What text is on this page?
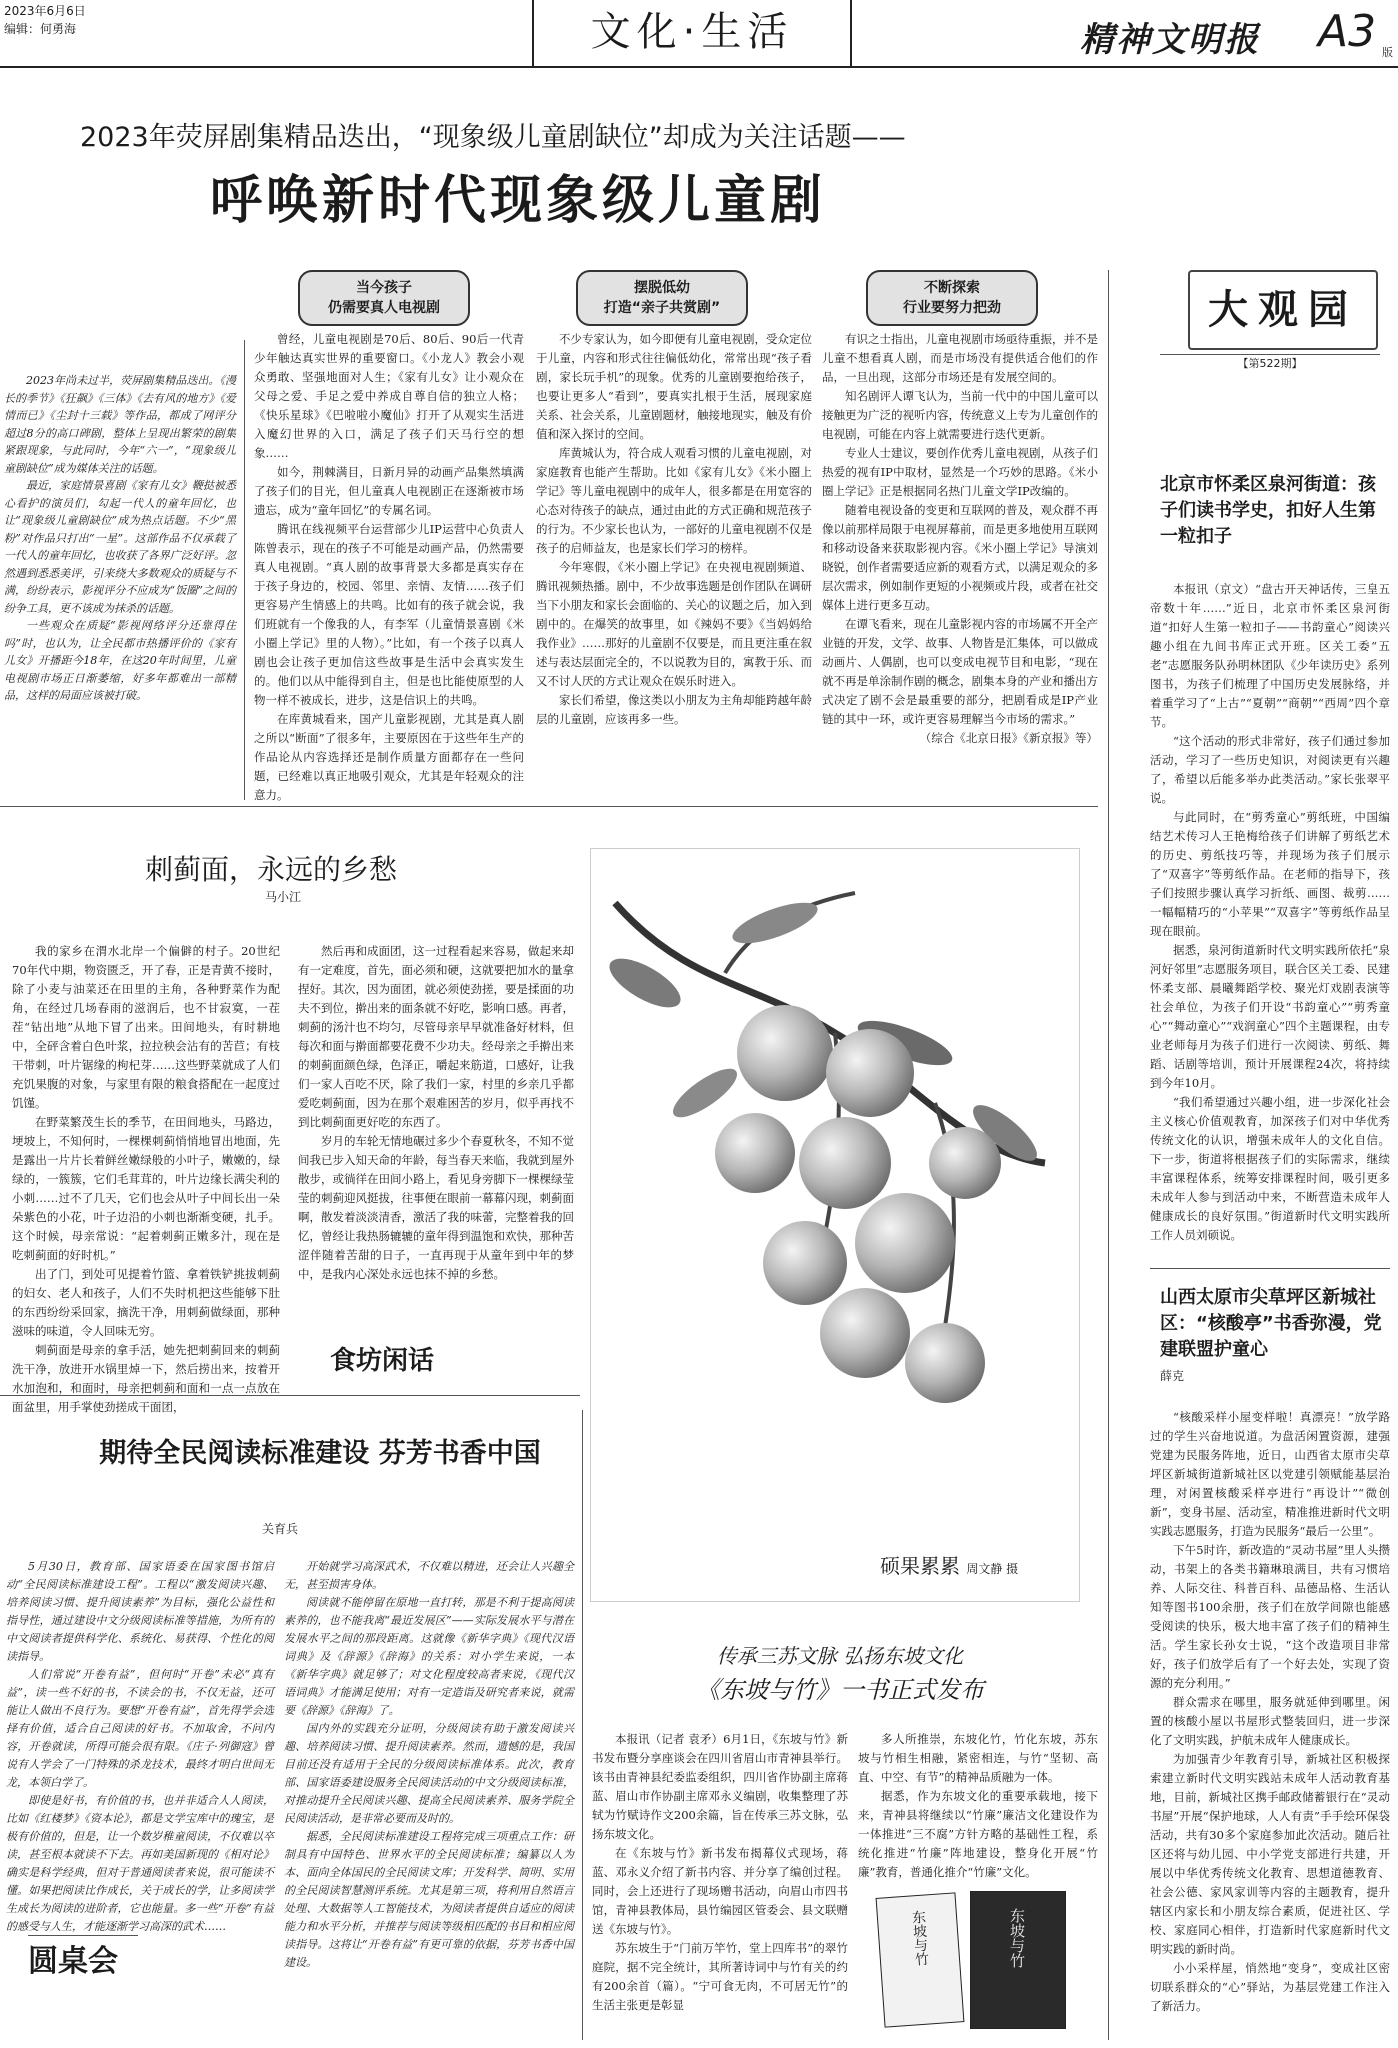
2023年6月6日
编辑：何勇海	文化·生活	精神文明报 A3 版
2023年荧屏剧集精品迭出，“现象级儿童剧缺位”却成为关注话题——
呼唤新时代现象级儿童剧
当今孩子
仍需要真人电视剧
摆脱低幼
打造“亲子共赏剧”
不断探索
行业要努力把劲

2023年尚未过半，荧屏剧集精品迭出。《漫长的季节》《狂飙》《三体》《去有风的地方》《爱情而已》《尘封十三载》等作品，都成了网评分超过8分的高口碑剧，整体上呈现出繁荣的剧集紧跟现象，与此同时，今年“六一”，“现象级儿童剧缺位”成为媒体关注的话题。

最近，家庭情景喜剧《家有儿女》鞭挞被悉心看护的演员们，勾起一代人的童年回忆，也让“现象级儿童剧缺位”成为热点话题。不少“黑粉”对作品只打出“一星”。这部作品不仅承载了一代人的童年回忆，也收获了各界广泛好评。忽然遇到悉悉美评，引来绕大多数观众的质疑与不满，纷纷表示，影视评分不应成为“饭圈”之间的纷争工具，更不该成为抹杀的话题。

一些观众在质疑“影视网络评分还靠得住吗”时，也认为，让全民都市热播评价的《家有儿女》开播距今18年，在这20年时间里，儿童电视剧市场正日渐萎缩，好多年都难出一部精品，这样的局面应该被打破。

曾经，儿童电视剧是70后、80后、90后一代青少年触达真实世界的重要窗口。《小龙人》教会小观众勇敢、坚强地面对人生；《家有儿女》让小观众在父母之爱、手足之爱中养成自尊自信的独立人格；《快乐星球》《巴啦啦小魔仙》打开了从观实生活进入魔幻世界的入口，满足了孩子们天马行空的想象……

如今，荆棘满目，日新月异的动画产品集然填满了孩子们的目光，但儿童真人电视剧正在逐渐被市场遗忘，成为“童年回忆”的专属名词。

腾讯在线视频平台运营部少儿IP运营中心负责人陈曾表示，现在的孩子不可能是动画产品，仍然需要真人电视剧。“真人剧的故事背景大多都是真实存在于孩子身边的，校园、邻里、亲情、友情……孩子们更容易产生情感上的共鸣。比如有的孩子就会说，我们班就有一个像我的人，有李军（儿童情景喜剧《米小圈上学记》里的人物）。”比如，有一个孩子以真人剧也会让孩子更加信这些故事是生活中会真实发生的。他们以从中能得到自主，但是也比能使原型的人物一样不被成长，进步，这是信识上的共鸣。

在库黄城看来，国产儿童影视剧，尤其是真人剧之所以“断面”了很多年，主要原因在于这些年生产的作品论从内容选择还是制作质量方面都存在一些问题，已经难以真正地吸引观众，尤其是年轻观众的注意力。

不少专家认为，如今即便有儿童电视剧，受众定位于儿童，内容和形式往往偏低幼化，常常出现“孩子看剧，家长玩手机”的现象。优秀的儿童剧要抱给孩子，也要让更多人“看到”，要真实扎根于生活，展现家庭关系、社会关系，儿童剧题材，触接地现实，触及有价值和深入探讨的空间。

库黄城认为，符合成人观看习惯的儿童电视剧，对家庭教育也能产生帮助。比如《家有儿女》《米小圈上学记》等儿童电视剧中的成年人，很多都是在用宽容的心态对待孩子的缺点，通过由此的方式正确和规范孩子的行为。不少家长也认为，一部好的儿童电视剧不仅是孩子的启师益友，也是家长们学习的榜样。

今年寒假，《米小圈上学记》在央视电视剧频道、腾讯视频热播。剧中，不少故事选题是创作团队在调研当下小朋友和家长会面临的、关心的议题之后，加入到剧中的。在爆笑的故事里，如《辣妈不要》《当妈妈给我作业》……那好的儿童剧不仅要是，而且更注重在叙述与表达层面完全的，不以说教为目的，寓教于乐、而又不讨人厌的方式让观众在娱乐时进入。

家长们希望，像这类以小朋友为主角却能跨越年龄层的儿童剧，应该再多一些。

有识之士指出，儿童电视剧市场亟待重振，并不是儿童不想看真人剧，而是市场没有提供适合他们的作品，一旦出现，这部分市场还是有发展空间的。

知名剧评人谭飞认为，当前一代中的中国儿童可以接触更为广泛的视听内容，传统意义上专为儿童创作的电视剧，可能在内容上就需要进行迭代更新。

专业人士建议，要创作优秀儿童电视剧，从孩子们热爱的视有IP中取材，显然是一个巧妙的思路。《米小圈上学记》正是根据同名热门儿童文学IP改编的。

随着电视设备的变更和互联网的普及，观众群不再像以前那样局限于电视屏幕前，而是更多地使用互联网和移动设备来获取影视内容。《米小圈上学记》导演刘晓锐，创作者需要适应新的观看方式，以满足观众的多层次需求，例如制作更短的小视频或片段，或者在社交媒体上进行更多互动。

在谭飞看来，现在儿童影视内容的市场属不开全产业链的开发，文学、故事、人物皆是汇集体，可以做成动画片、人偶剧，也可以变成电视节目和电影，“现在就不再是单涂制作剧的概念，剧集本身的产业和播出方式决定了剧不会是最重要的部分，把剧看成是IP产业链的其中一环，或许更容易理解当今市场的需求。”

（综合《北京日报》《新京报》等）

大观园
【第522期】
北京市怀柔区泉河街道：孩子们读书学史，扣好人生第一粒扣子

本报讯（京文）“盘古开天神话传，三皇五帝数十年……”近日，北京市怀柔区泉河街道“扣好人生第一粒扣子——书韵童心”阅读兴趣小组在九间书库正式开班。区关工委“五老”志愿服务队孙明林团队《少年读历史》系列图书，为孩子们梳理了中国历史发展脉络，并着重学习了“上古”“夏朝”“商朝”“西周”四个章节。

“这个活动的形式非常好，孩子们通过参加活动，学习了一些历史知识，对阅读更有兴趣了，希望以后能多举办此类活动。”家长张翠平说。

与此同时，在“剪秀童心”剪纸班，中国编结艺术传习人王艳梅给孩子们讲解了剪纸艺术的历史、剪纸技巧等，并现场为孩子们展示了“双喜字”等剪纸作品。在老师的指导下，孩子们按照步骤认真学习折纸、画图、裁剪……一幅幅精巧的“小苹果”“双喜字”等剪纸作品呈现在眼前。

据悉，泉河街道新时代文明实践所依托“泉河好邻里”志愿服务项目，联合区关工委、民建怀柔支部、晨曦舞蹈学校、聚光灯戏剧表演等社会单位，为孩子们开设“书韵童心”“剪秀童心”“舞动童心”“戏润童心”四个主题课程，由专业老师每月为孩子们进行一次阅读、剪纸、舞蹈、话剧等培训，预计开展课程24次，将持续到今年10月。

“我们希望通过兴趣小组，进一步深化社会主义核心价值观教育，加深孩子们对中华优秀传统文化的认识，增强未成年人的文化自信。下一步，街道将根据孩子们的实际需求，继续丰富课程体系，统筹安排课程时间，吸引更多未成年人参与到活动中来，不断营造未成年人健康成长的良好氛围。”街道新时代文明实践所工作人员刘硕说。

山西太原市尖草坪区新城社区：“核酸亭”书香弥漫，党建联盟护童心
薛克

“核酸采样小屋变样啦！真漂亮！”放学路过的学生兴奋地说道。为盘活闲置资源，建强党建为民服务阵地，近日，山西省太原市尖草坪区新城街道新城社区以党建引领赋能基层治理，对闲置核酸采样亭进行“再设计”“微创新”，变身书屋、活动室，精准推进新时代文明实践志愿服务，打造为民服务“最后一公里”。

下午5时许，新改造的“灵动书屋”里人头攒动，书架上的各类书籍琳琅满目，共有习惯培养、人际交往、科普百科、品德品格、生活认知等图书100余册，孩子们在放学间隙也能感受阅读的快乐，极大地丰富了孩子们的精神生活。学生家长孙女士说，“这个改造项目非常好，孩子们放学后有了一个好去处，实现了资源的充分利用。”

群众需求在哪里，服务就延伸到哪里。闲置的核酸小屋以书屋形式整装回归，进一步深化了文明实践，护航未成年人健康成长。

为加强青少年教育引导，新城社区积极探索建立新时代文明实践站未成年人活动教育基地，目前，新城社区携手邮政储蓄银行在“灵动书屋”开展“保护地球，人人有责”手手绘环保袋活动，共有30多个家庭参加此次活动。随后社区还将与幼儿园、中小学党支部进行共建，开展以中华优秀传统文化教育、思想道德教育、社会公德、家风家训等内容的主题教育，提升辖区内家长和小朋友综合素质，促进社区、学校、家庭同心相伴，打造新时代家庭新时代文明实践的新时尚。

小小采样屋，悄然地“变身”，变成社区密切联系群众的“心”驿站，为基层党建工作注入了新活力。

刺蓟面，永远的乡愁
马小江

我的家乡在渭水北岸一个偏僻的村子。20世纪70年代中期，物资匮乏，开了春，正是青黄不接时，除了小麦与油菜还在田里的主角，各种野菜作为配角，在经过几场春雨的滋润后，也不甘寂寞，一茬茬“钻出地”从地下冒了出来。田间地头，有时耕地中，全砰含着白色叶浆，拉拉秧会沾有的苦苣；有枝干带刺，叶片锯缘的枸杞芽……这些野菜就成了人们充饥果腹的对象，与家里有限的粮食搭配在一起度过饥馑。

在野菜繁茂生长的季节，在田间地头，马路边，埂坡上，不知何时，一棵棵刺蓟悄悄地冒出地面，先是露出一片片长着鲜丝嫩绿般的小叶子，嫩嫩的，绿绿的，一簇簇，它们毛茸茸的，叶片边缘长满尖利的小刺……过不了几天，它们也会从叶子中间长出一朵朵紫色的小花，叶子边沿的小刺也渐渐变硬，扎手。这个时候，母亲常说：“起着刺蓟正嫩多汁，现在是吃刺蓟面的好时机。”

出了门，到处可见提着竹篮、拿着铁铲挑拔刺蓟的妇女、老人和孩子，人们不失时机把这些能够下肚的东西纷纷采回家，摘洗干净，用刺蓟做绿面，那种滋味的味道，令人回味无穷。

刺蓟面是母亲的拿手活，她先把刺蓟回来的刺蓟洗干净，放进开水锅里焯一下，然后捞出来，按着开水加泡和，和面时，母亲把刺蓟和面和一点一点放在面盆里，用手掌使劲搓成干面团，

然后再和成面团，这一过程看起来容易，做起来却有一定难度，首先，面必须和硬，这就要把加水的量拿捏好。其次，因为面团，就必须使劲搓，要是揉面的功夫不到位，擀出来的面条就不好吃，影响口感。再者，刺蓟的汤汁也不均匀，尽管母亲早早就准备好材料，但每次和面与擀面都要花费不少功夫。经母亲之手擀出来的刺蓟面颜色绿，色泽正，嚼起来筋道，口感好，让我们一家人百吃不厌，除了我们一家，村里的乡亲几乎都爱吃刺蓟面，因为在那个艰难困苦的岁月，似乎再找不到比刺蓟面更好吃的东西了。

岁月的车轮无情地碾过多少个春夏秋冬，不知不觉间我已步入知天命的年龄，每当春天来临，我就到屋外散步，或徜徉在田间小路上，看见身旁脚下一棵棵绿莹莹的刺蓟迎风挺拔，往事便在眼前一幕幕闪现，刺蓟面啊，散发着淡淡清香，激活了我的味蕾，完整着我的回忆，曾经让我热肠辘辘的童年得到温饱和欢快，那种苦涩伴随着苦甜的日子，一直再现于从童年到中年的梦中，是我内心深处永远也抹不掉的乡愁。

食坊闲话
硕果累累 周文静 摄
期待全民阅读标准建设 芬芳书香中国
关育兵

5月30日，教育部、国家语委在国家图书馆启动“全民阅读标准建设工程”。工程以“激发阅读兴趣、培养阅读习惯、提升阅读素养”为目标，强化公益性和指导性，通过建设中文分级阅读标准等措施，为所有的中文阅读者提供科学化、系统化、易获得、个性化的阅读指导。

人们常说“开卷有益”，但何时“开卷”未必“真有益”，读一些不好的书，不读会的书，不仅无益，还可能让人做出不良行为。要想“开卷有益”，首先得学会选择有价值，适合自己阅读的好书。不加取舍，不问内容，开卷就读，所得可能会很有限。《庄子·列御寇》曾说有人学会了一门特殊的杀龙技术，最终才明白世间无龙，本领白学了。

即使是好书，有价值的书，也并非适合人人阅读，比如《红楼梦》《资本论》，都是文学宝库中的瑰宝，是极有价值的，但是，让一个数岁稚童阅读，不仅难以卒读，甚至根本就读不下去。再如美国新现的《相对论》确实是科学经典，但对于普通阅读者来说，很可能读不懂。如果把阅读比作成长，关于成长的学，让多阅读学生成长为阅读的进阶者，它也能量。多一些“开卷”有益的感受与人生，才能逐渐学习高深的武术……

开始就学习高深武术，不仅难以精进，还会让人兴趣全无，甚至损害身体。

阅读就不能停留在原地一直打转，那是不利于提高阅读素养的，也不能我离“最近发展区”——实际发展水平与潜在发展水平之间的那段距离。这就像《新华字典》《现代汉语词典》及《辞源》《辞海》的关系：对小学生来说，一本《新华字典》就足够了；对文化程度较高者来说，《现代汉语词典》才能满足使用；对有一定造诣及研究者来说，就需要《辞源》《辞海》了。

国内外的实践充分证明，分级阅读有助于激发阅读兴趣、培养阅读习惯、提升阅读素养。然而，遗憾的是，我国目前还没有适用于全民的分级阅读标准体系。此次，教育部、国家语委建设服务全民阅读活动的中文分级阅读标准，对推动提升全民阅读兴趣、提高全民阅读素养、服务学院全民阅读活动，是非常必要而及时的。

据悉，全民阅读标准建设工程将完成三项重点工作：研制具有中国特色、世界水平的全民阅读标准；编纂以人为本、面向全体国民的全民阅读文库；开发科学、简明、实用的全民阅读智慧测评系统。尤其是第三项，将利用自然语言处理、大数据等人工智能技术，为阅读者提供自适应的阅读能力和水平分析，并推荐与阅读等级相匹配的书目和相应阅读指导。这将让“开卷有益”有更可靠的依据，芬芳书香中国建设。

圆桌会
传承三苏文脉 弘扬东坡文化
《东坡与竹》一书正式发布

本报讯（记者 袁矛）6月1日，《东坡与竹》新书发布暨分享座谈会在四川省眉山市青神县举行。该书由青神县纪委监委组织，四川省作协副主席蒋蓝、眉山市作协副主席邓永义编剧，收集整理了苏轼为竹赋诗作文200余篇，旨在传承三苏文脉，弘扬东坡文化。

在《东坡与竹》新书发布揭幕仪式现场，蒋蓝、邓永义介绍了新书内容、并分享了编创过程。同时，会上还进行了现场赠书活动，向眉山市四书馆，青神县教体局，县竹编园区管委会、县文联赠送《东坡与竹》。

苏东坡生于“门前万竿竹，堂上四库书”的翠竹庭院，据不完全统计，其所著诗词中与竹有关的约有200余首（篇）。“宁可食无肉，不可居无竹”的生活主张更是彰显

多人所推崇，东坡化竹，竹化东坡，苏东坡与竹相生相融，紧密相连，与竹“坚韧、高直、中空、有节”的精神品质融为一体。

据悉，作为东坡文化的重要承载地，接下来，青神县将继续以“竹廉”廉洁文化建设作为一体推进“三不腐”方针方略的基础性工程，系统化推进“竹廉”阵地建设，整身化开展“竹廉”教育，普通化推介“竹廉”文化。

东坡与竹	东坡与竹
